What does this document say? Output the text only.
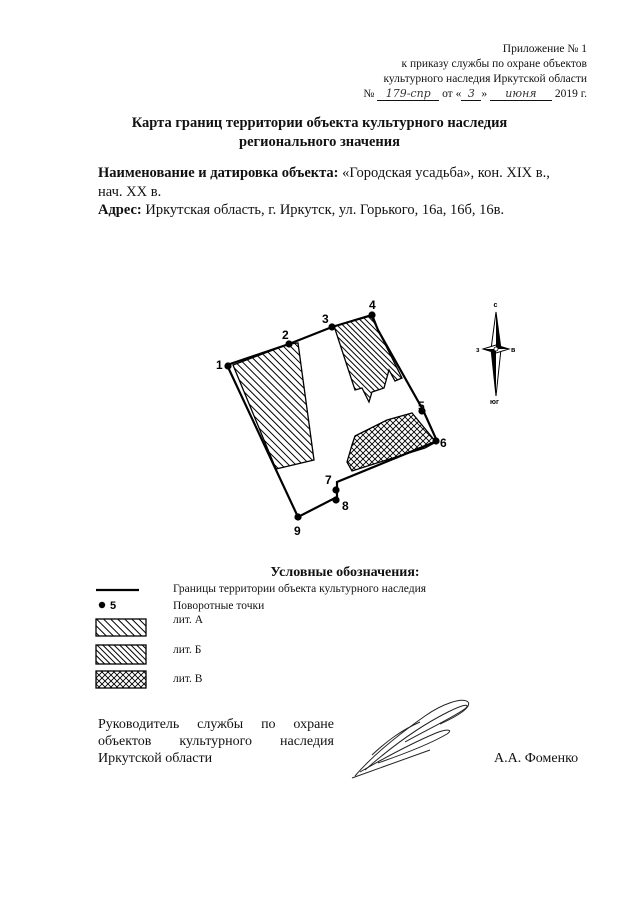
Приложение № 1
к приказу службы по охране объектов
культурного наследия Иркутской области
№ 179-спр от « 3 » июня 2019 г.
Карта границ территории объекта культурного наследия
регионального значения
Наименование и датировка объекта: «Городская усадьба», кон. XIX в.,
нач. XX в.
Адрес: Иркутская область, г. Иркутск, ул. Горького, 16а, 16б, 16в.
1
2
3
4
5
6
7
8
9
с
з	в
юг
5
Условные обозначения:
Границы территории объекта культурного наследия
Поворотные точки
лит. А
лит. Б
лит. В
Руководитель службы по охране
объектов культурного наследия
Иркутской области	А.А. Фоменко
